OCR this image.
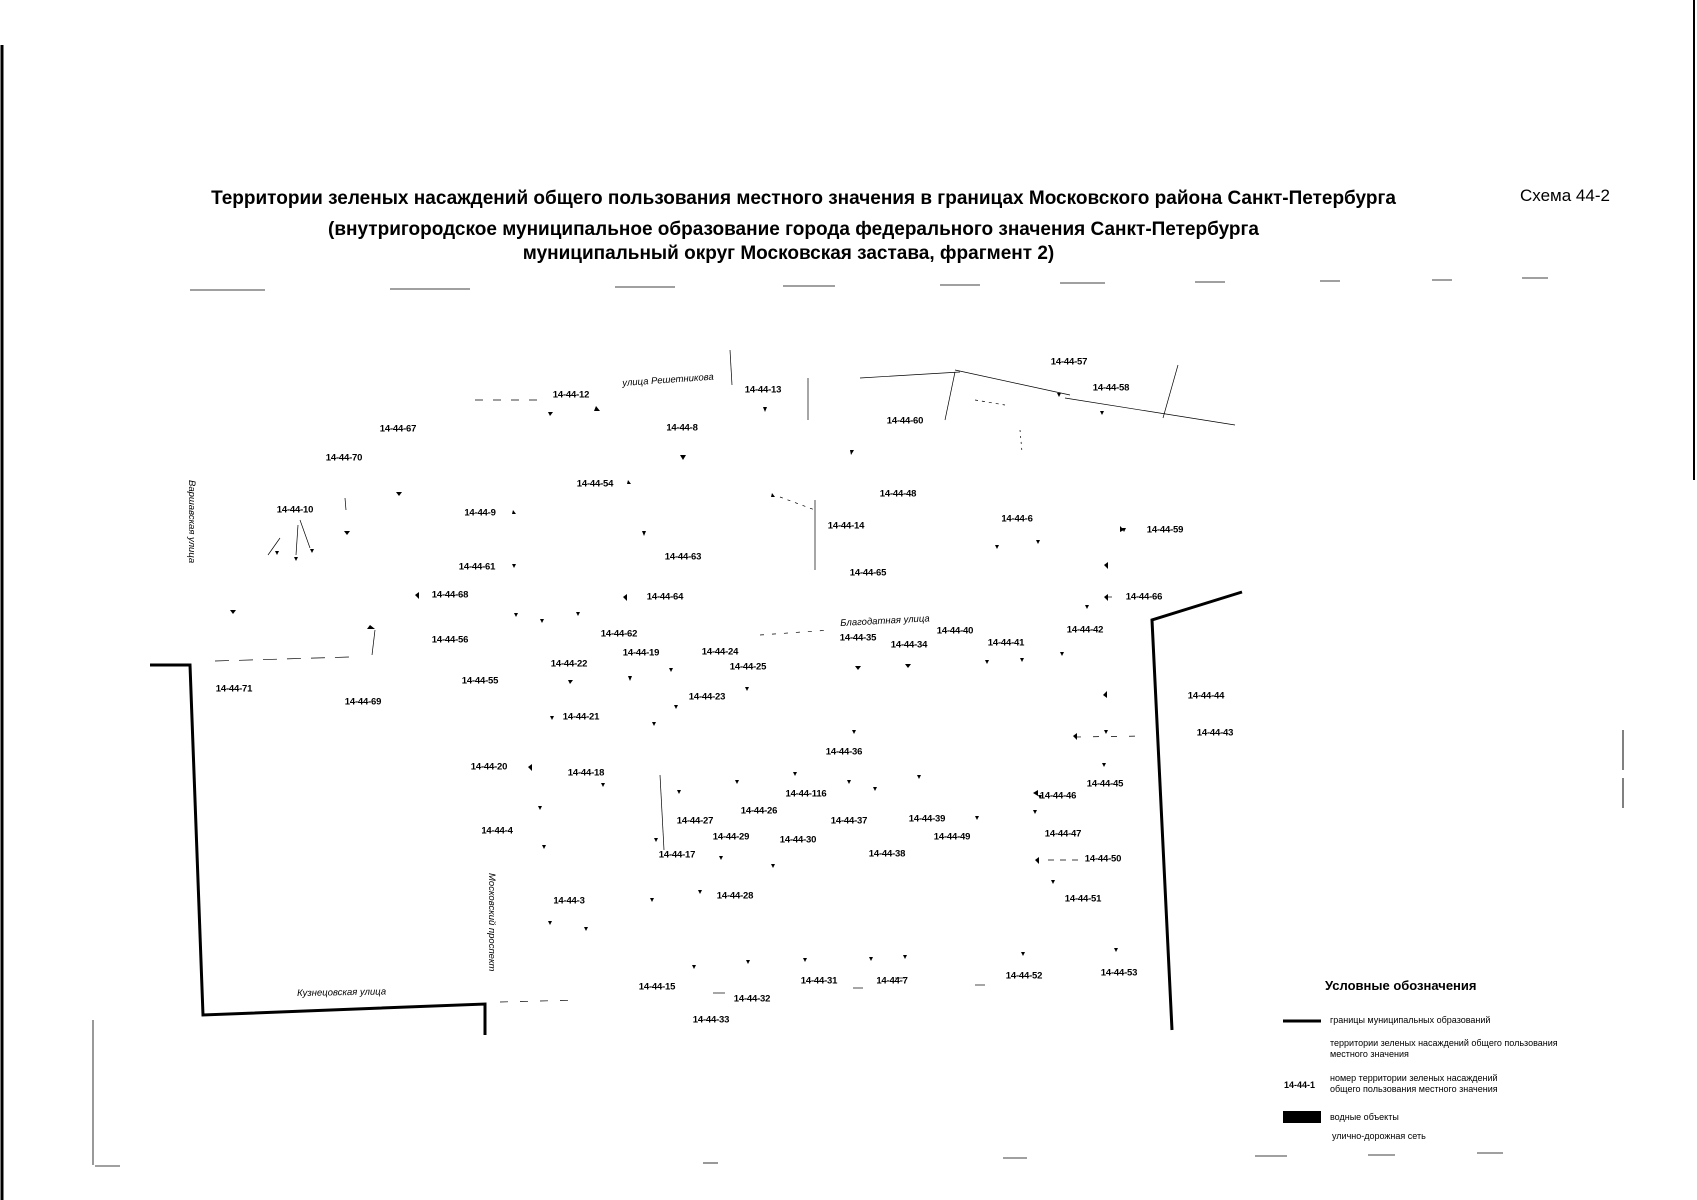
Территории зеленых насаждений общего пользования местного значения в границах Московского района Санкт-Петербурга
(внутригородское муниципальное образование города федерального значения Санкт-Петербурга
муниципальный округ Московская застава, фрагмент 2)
Схема 44-2
улица Решетникова
Варшавская улица
Благодатная улица
Московский проспект
Кузнецовская улица
14-44-57
14-44-58
14-44-12	14-44-13
14-44-60
14-44-67	14-44-8
14-44-70
14-44-54
14-44-48
14-44-10	14-44-9
14-44-6
14-44-14	14-44-59
14-44-63
14-44-61
14-44-65
14-44-68	14-44-64	14-44-66
14-44-62	14-44-35
14-44-40	14-44-42
14-44-56
14-44-19	14-44-24
14-44-34	14-44-41
14-44-22	14-44-25
14-44-71
14-44-55
14-44-23	14-44-44
14-44-69
14-44-21
14-44-43
14-44-36
14-44-20
14-44-18
14-44-45
14-44-116	14-44-46
14-44-26
14-44-27	14-44-37	14-44-39
14-44-4
14-44-29	14-44-30	14-44-49	14-44-47
14-44-17	14-44-38	14-44-50
14-44-28
14-44-3	14-44-51
14-44-53
14-44-52
14-44-31	14-44-7
14-44-15
14-44-32
14-44-33
Условные обозначения
границы муниципальных образований
территории зеленых насаждений общего пользования
местного значения
14-44-1
номер территории зеленых насаждений
общего пользования местного значения
водные объекты
улично-дорожная сеть
